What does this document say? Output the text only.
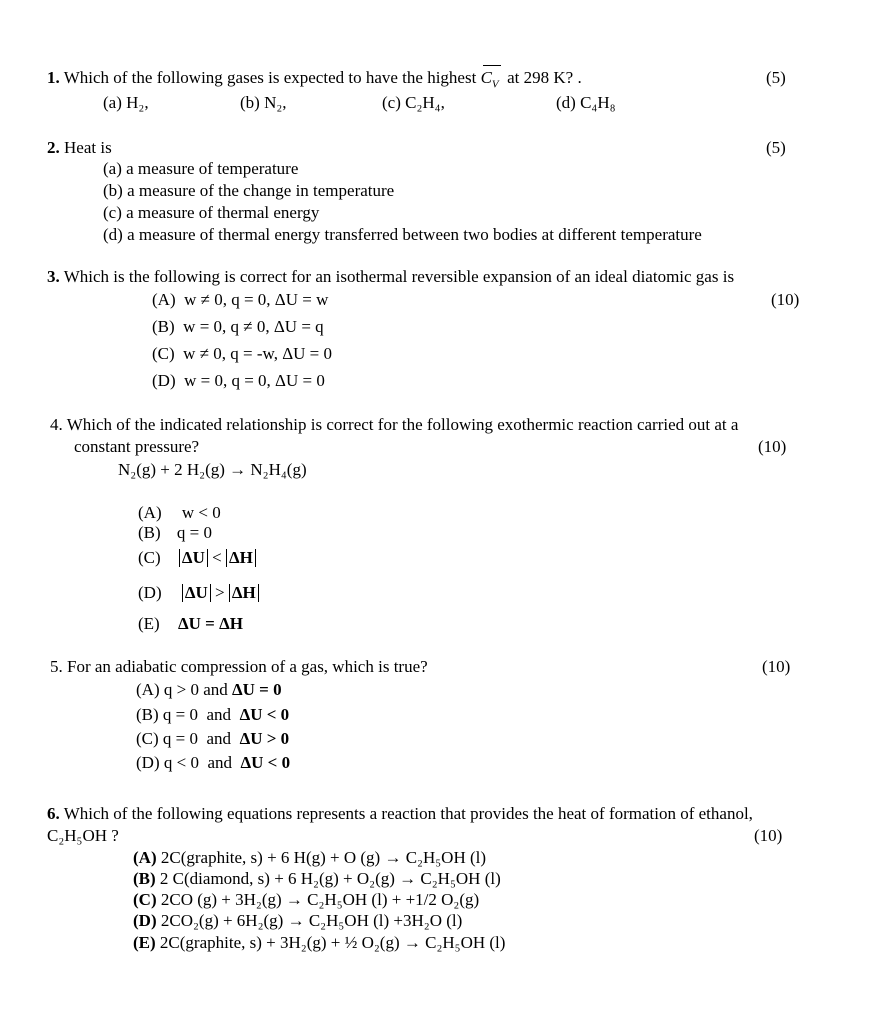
1. Which of the following gases is expected to have the highest $C_V$ at 298 K? .	(5)
(a) H₂,	(b) N₂,	(c) C₂H₄,	(d) C₄H₈
2. Heat is	(5)
(a) a measure of temperature
(b) a measure of the change in temperature
(c) a measure of thermal energy
(d) a measure of thermal energy transferred between two bodies at different temperature
3. Which is the following is correct for an isothermal reversible expansion of an ideal diatomic gas is
(10)
(A) w ≠ 0, q = 0, ΔU = w
(B) w = 0, q ≠ 0, ΔU = q
(C) w ≠ 0, q = -w, ΔU = 0
(D) w = 0, q = 0, ΔU = 0
4. Which of the indicated relationship is correct for the following exothermic reaction carried out at a
constant pressure?	(10)
N₂(g) + 2 H₂(g) → N₂H₄(g)
(A) w < 0
(B) q = 0
(C) ΔU < ΔH
(D) ΔU > ΔH
(E) ΔU = ΔH
5. For an adiabatic compression of a gas, which is true?	(10)
(A) q > 0 and ΔU = 0
(B) q = 0 and ΔU < 0
(C) q = 0 and ΔU > 0
(D) q < 0 and ΔU < 0
6. Which of the following equations represents a reaction that provides the heat of formation of ethanol,
C₂H₅OH ?	(10)
(A) 2C(graphite, s) + 6 H(g) + O (g) → C₂H₅OH (l)
(B) 2 C(diamond, s) + 6 H₂(g) + O₂(g) → C₂H₅OH (l)
(C) 2CO (g) + 3H₂(g) → C₂H₅OH (l) + +1/2 O₂(g)
(D) 2CO₂(g) + 6H₂(g) → C₂H₅OH (l) +3H₂O (l)
(E) 2C(graphite, s) + 3H₂(g) + ½ O₂(g) → C₂H₅OH (l)
